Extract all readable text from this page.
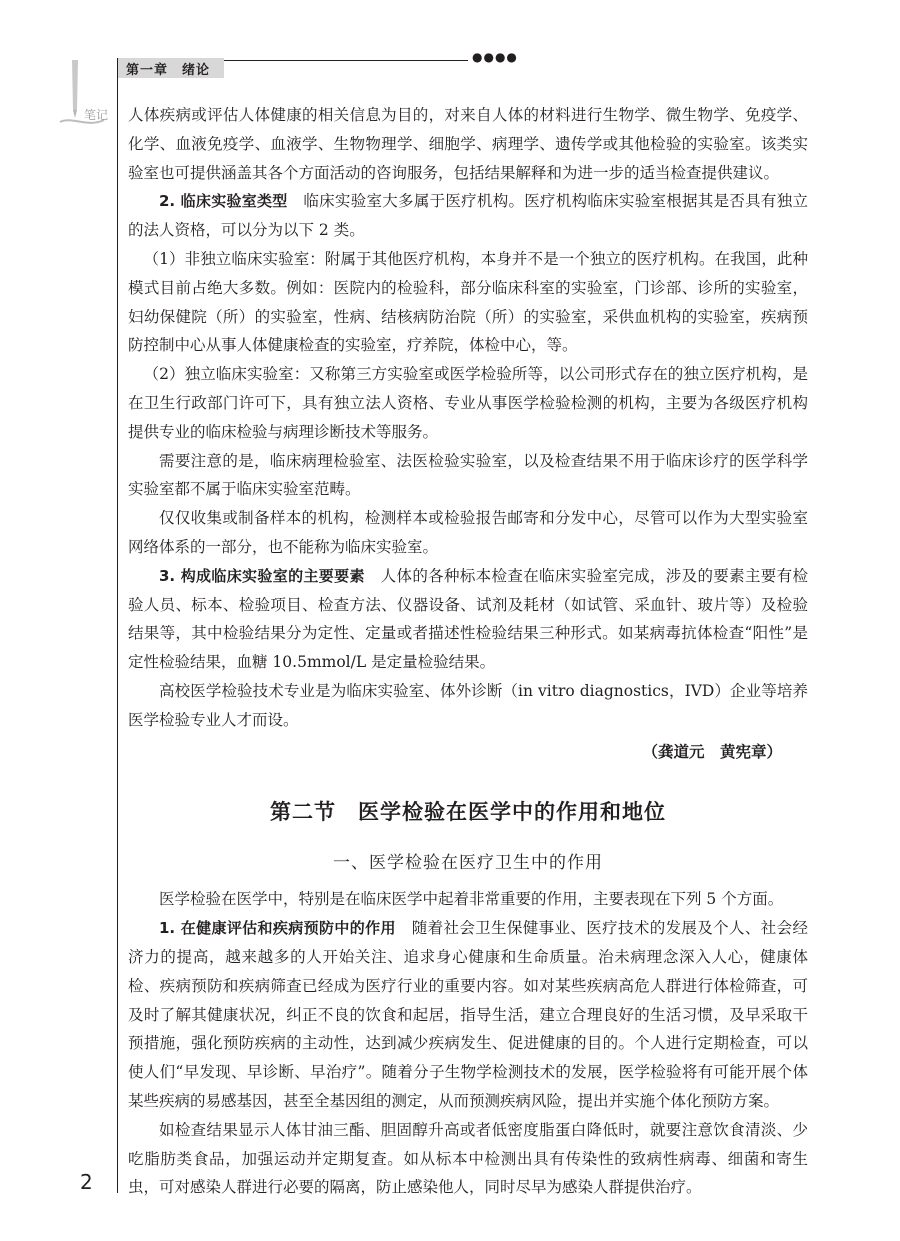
笔记
第一章　绪论
●●●●

人体疾病或评估人体健康的相关信息为目的，对来自人体的材料进行生物学、微生物学、免疫学、化学、血液免疫学、血液学、生物物理学、细胞学、病理学、遗传学或其他检验的实验室。该类实验室也可提供涵盖其各个方面活动的咨询服务，包括结果解释和为进一步的适当检查提供建议。

2. 临床实验室类型　 临床实验室大多属于医疗机构。医疗机构临床实验室根据其是否具有独立的法人资格，可以分为以下 2 类。

（1）非独立临床实验室：附属于其他医疗机构，本身并不是一个独立的医疗机构。在我国，此种模式目前占绝大多数。例如：医院内的检验科，部分临床科室的实验室，门诊部、诊所的实验室，妇幼保健院（所）的实验室，性病、结核病防治院（所）的实验室，采供血机构的实验室，疾病预防控制中心从事人体健康检查的实验室，疗养院，体检中心，等。

（2）独立临床实验室：又称第三方实验室或医学检验所等，以公司形式存在的独立医疗机构，是在卫生行政部门许可下，具有独立法人资格、专业从事医学检验检测的机构，主要为各级医疗机构提供专业的临床检验与病理诊断技术等服务。

需要注意的是，临床病理检验室、法医检验实验室，以及检查结果不用于临床诊疗的医学科学实验室都不属于临床实验室范畴。

仅仅收集或制备样本的机构，检测样本或检验报告邮寄和分发中心，尽管可以作为大型实验室网络体系的一部分，也不能称为临床实验室。

3. 构成临床实验室的主要要素　 人体的各种标本检查在临床实验室完成，涉及的要素主要有检验人员、标本、检验项目、检查方法、仪器设备、试剂及耗材（如试管、采血针、玻片等）及检验结果等，其中检验结果分为定性、定量或者描述性检验结果三种形式。如某病毒抗体检查“阳性”是定性检验结果，血糖 10.5mmol/L 是定量检验结果。

高校医学检验技术专业是为临床实验室、体外诊断（in vitro diagnostics，IVD）企业等培养医学检验专业人才而设。

（龚道元　黄宪章）

第二节　医学检验在医学中的作用和地位

一、医学检验在医疗卫生中的作用

医学检验在医学中，特别是在临床医学中起着非常重要的作用，主要表现在下列 5 个方面。

1. 在健康评估和疾病预防中的作用　 随着社会卫生保健事业、医疗技术的发展及个人、社会经济力的提高，越来越多的人开始关注、追求身心健康和生命质量。治未病理念深入人心，健康体检、疾病预防和疾病筛查已经成为医疗行业的重要内容。如对某些疾病高危人群进行体检筛查，可及时了解其健康状况，纠正不良的饮食和起居，指导生活，建立合理良好的生活习惯，及早采取干预措施，强化预防疾病的主动性，达到减少疾病发生、促进健康的目的。个人进行定期检查，可以使人们“早发现、早诊断、早治疗”。随着分子生物学检测技术的发展，医学检验将有可能开展个体某些疾病的易感基因，甚至全基因组的测定，从而预测疾病风险，提出并实施个体化预防方案。

如检查结果显示人体甘油三酯、胆固醇升高或者低密度脂蛋白降低时，就要注意饮食清淡、少吃脂肪类食品，加强运动并定期复查。如从标本中检测出具有传染性的致病性病毒、细菌和寄生虫，可对感染人群进行必要的隔离，防止感染他人，同时尽早为感染人群提供治疗。

2
